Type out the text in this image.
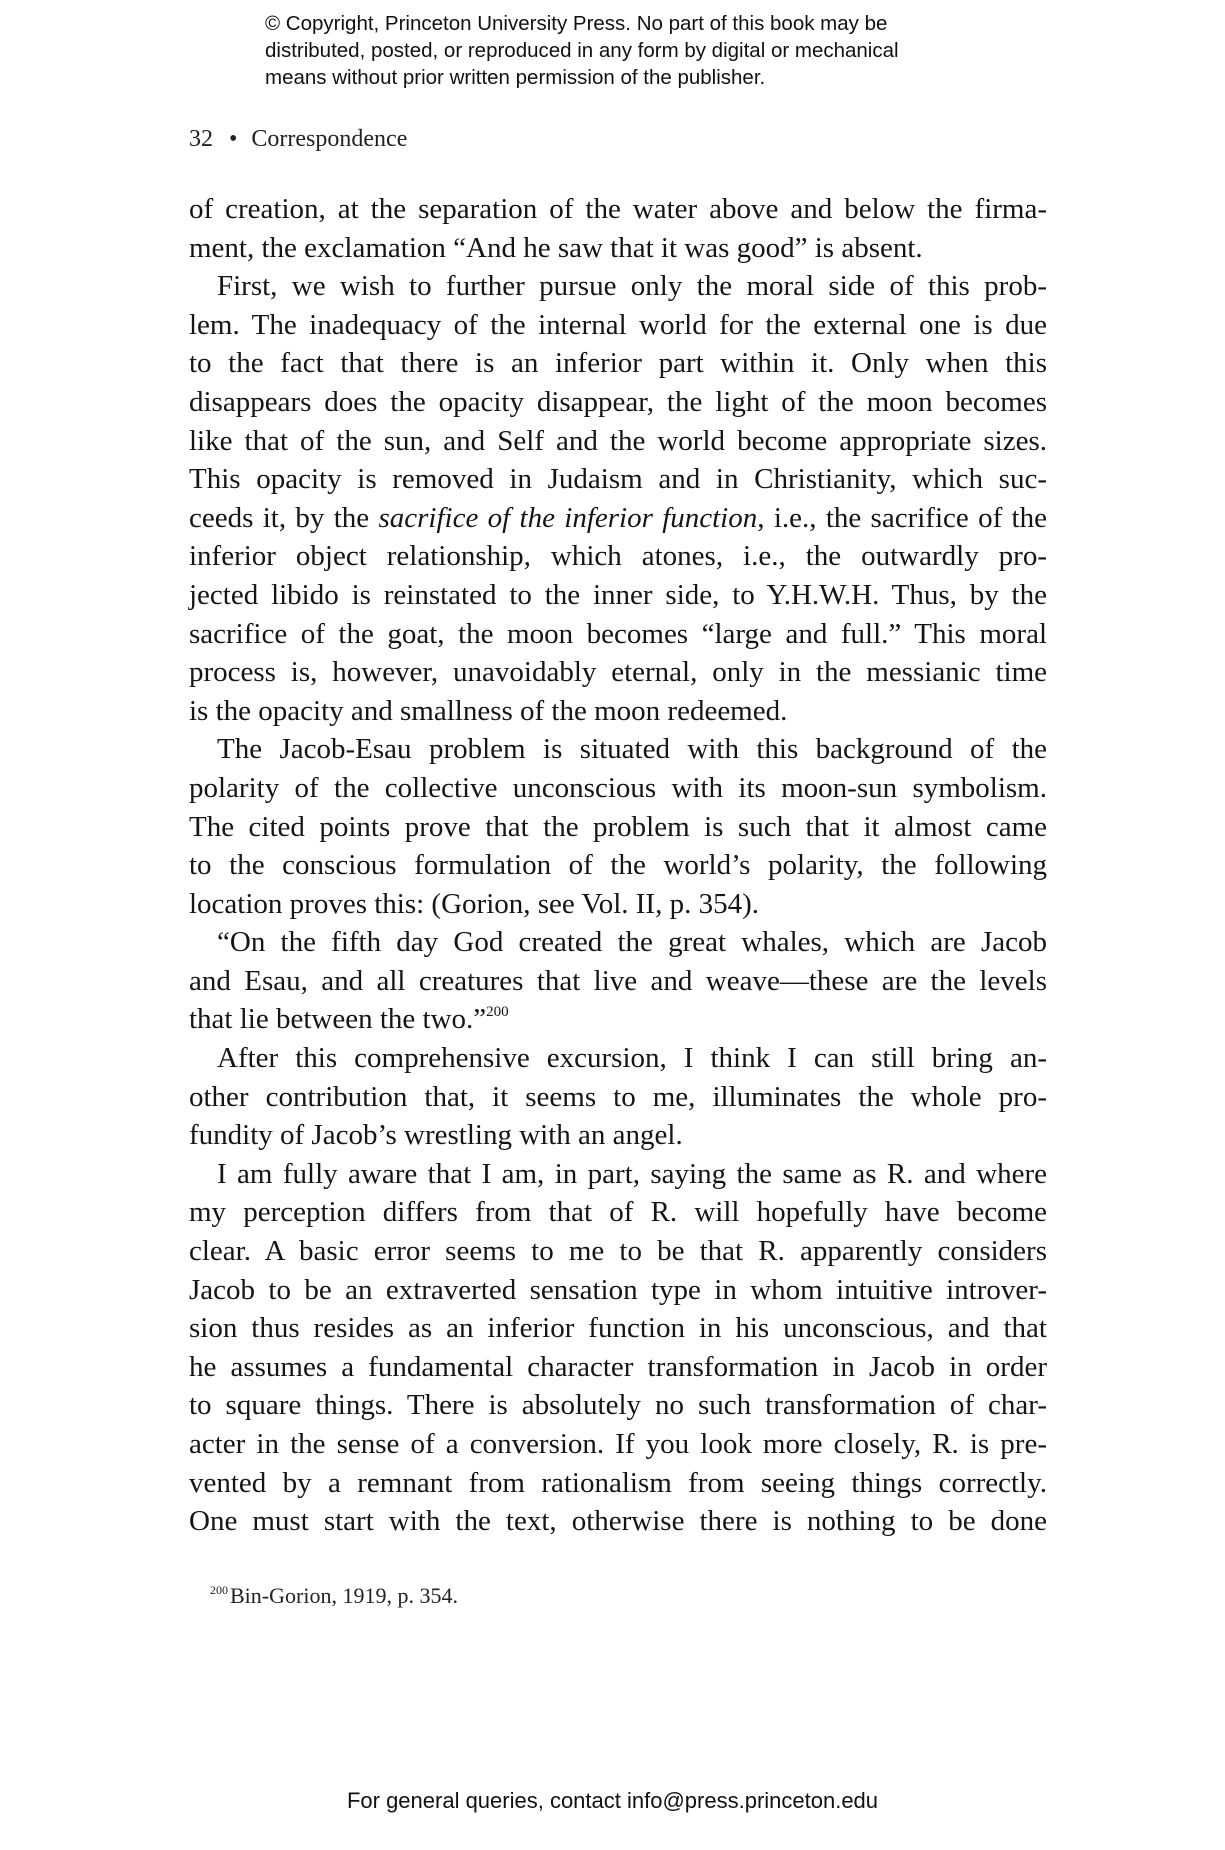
© Copyright, Princeton University Press. No part of this book may be
distributed, posted, or reproduced in any form by digital or mechanical
means without prior written permission of the publisher.
32 • Correspondence
of creation, at the separation of the water above and below the firma-
ment, the exclamation “And he saw that it was good” is absent.
First, we wish to further pursue only the moral side of this prob-
lem. The inadequacy of the internal world for the external one is due
to the fact that there is an inferior part within it. Only when this
disappears does the opacity disappear, the light of the moon becomes
like that of the sun, and Self and the world become appropriate sizes.
This opacity is removed in Judaism and in Christianity, which suc-
ceeds it, by the sacrifice of the inferior function, i.e., the sacrifice of the
inferior object relationship, which atones, i.e., the outwardly pro-
jected libido is reinstated to the inner side, to Y.H.W.H. Thus, by the
sacrifice of the goat, the moon becomes “large and full.” This moral
process is, however, unavoidably eternal, only in the messianic time
is the opacity and smallness of the moon redeemed.
The Jacob-Esau problem is situated with this background of the
polarity of the collective unconscious with its moon-sun symbolism.
The cited points prove that the problem is such that it almost came
to the conscious formulation of the world’s polarity, the following
location proves this: (Gorion, see Vol. II, p. 354).
“On the fifth day God created the great whales, which are Jacob
and Esau, and all creatures that live and weave—these are the levels
that lie between the two.”$^{200}$
After this comprehensive excursion, I think I can still bring an-
other contribution that, it seems to me, illuminates the whole pro-
fundity of Jacob’s wrestling with an angel.
I am fully aware that I am, in part, saying the same as R. and where
my perception differs from that of R. will hopefully have become
clear. A basic error seems to me to be that R. apparently considers
Jacob to be an extraverted sensation type in whom intuitive introver-
sion thus resides as an inferior function in his unconscious, and that
he assumes a fundamental character transformation in Jacob in order
to square things. There is absolutely no such transformation of char-
acter in the sense of a conversion. If you look more closely, R. is pre-
vented by a remnant from rationalism from seeing things correctly.
One must start with the text, otherwise there is nothing to be done
$^{200}$Bin-Gorion, 1919, p. 354.
For general queries, contact info@press.princeton.edu
